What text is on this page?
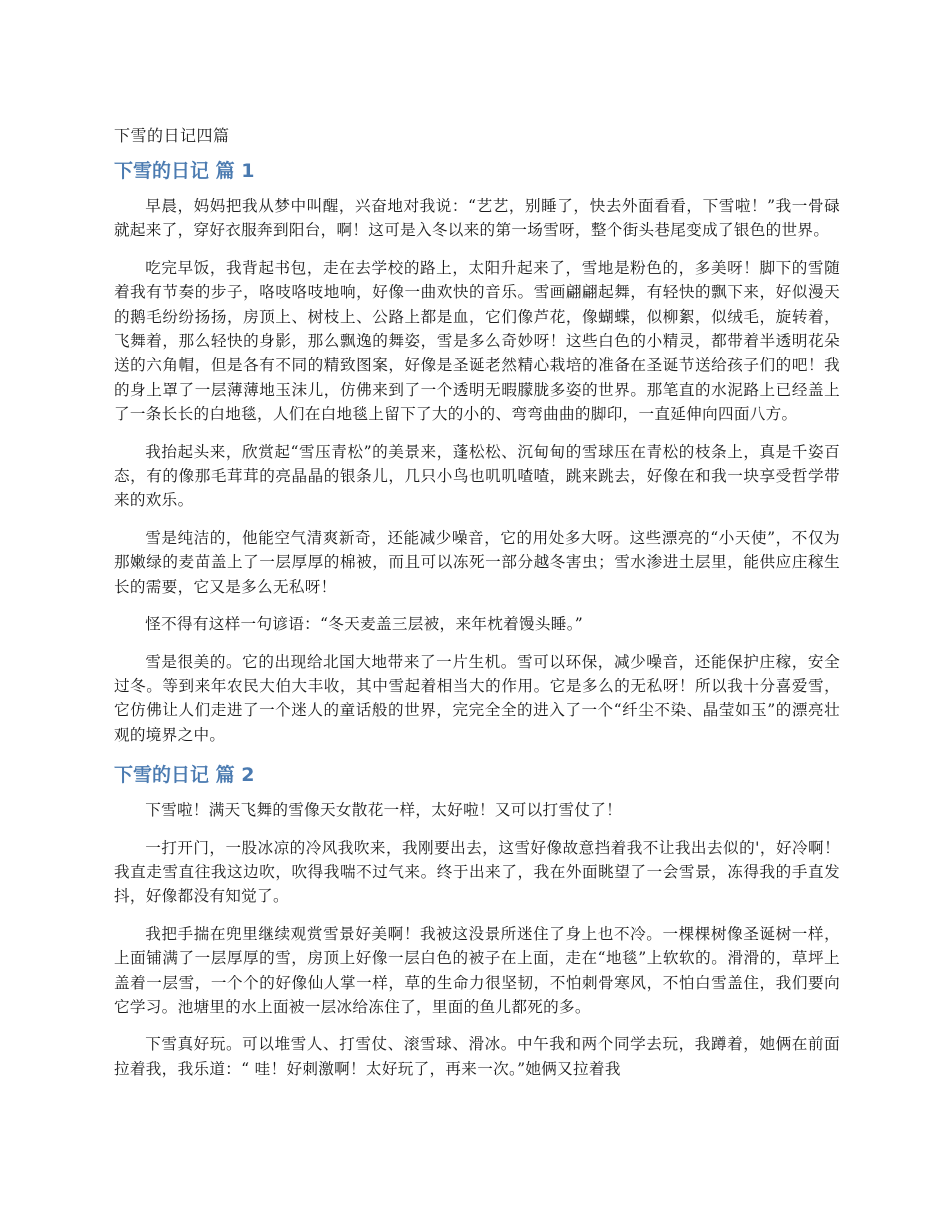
下雪的日记四篇
下雪的日记 篇 1

早晨，妈妈把我从梦中叫醒，兴奋地对我说：“艺艺，别睡了，快去外面看看，下雪啦！”我一骨碌就起来了，穿好衣服奔到阳台，啊！这可是入冬以来的第一场雪呀，整个街头巷尾变成了银色的世界。

吃完早饭，我背起书包，走在去学校的路上，太阳升起来了，雪地是粉色的，多美呀！脚下的雪随着我有节奏的步子，咯吱咯吱地响，好像一曲欢快的音乐。雪画翩翩起舞，有轻快的飘下来，好似漫天的鹅毛纷纷扬扬，房顶上、树枝上、公路上都是血，它们像芦花，像蝴蝶，似柳絮，似绒毛，旋转着，飞舞着，那么轻快的身影，那么飘逸的舞姿，雪是多么奇妙呀！这些白色的小精灵，都带着半透明花朵送的六角帽，但是各有不同的精致图案，好像是圣诞老然精心栽培的准备在圣诞节送给孩子们的吧！我的身上罩了一层薄薄地玉沫儿，仿佛来到了一个透明无暇朦胧多姿的世界。那笔直的水泥路上已经盖上了一条长长的白地毯，人们在白地毯上留下了大的小的、弯弯曲曲的脚印，一直延伸向四面八方。

我抬起头来，欣赏起“雪压青松”的美景来，蓬松松、沉甸甸的雪球压在青松的枝条上，真是千姿百态，有的像那毛茸茸的亮晶晶的银条儿，几只小鸟也叽叽喳喳，跳来跳去，好像在和我一块享受哲学带来的欢乐。

雪是纯洁的，他能空气清爽新奇，还能减少噪音，它的用处多大呀。这些漂亮的“小天使”，不仅为那嫩绿的麦苗盖上了一层厚厚的棉被，而且可以冻死一部分越冬害虫；雪水渗进土层里，能供应庄稼生长的需要，它又是多么无私呀！

怪不得有这样一句谚语：“冬天麦盖三层被，来年枕着馒头睡。”

雪是很美的。它的出现给北国大地带来了一片生机。雪可以环保，减少噪音，还能保护庄稼，安全过冬。等到来年农民大伯大丰收，其中雪起着相当大的作用。它是多么的无私呀！所以我十分喜爱雪，它仿佛让人们走进了一个迷人的童话般的世界，完完全全的进入了一个“纤尘不染、晶莹如玉”的漂亮壮观的境界之中。

下雪的日记 篇 2

下雪啦！满天飞舞的雪像天女散花一样，太好啦！又可以打雪仗了！

一打开门，一股冰凉的冷风我吹来，我刚要出去，这雪好像故意挡着我不让我出去似的'，好冷啊！我直走雪直往我这边吹，吹得我喘不过气来。终于出来了，我在外面眺望了一会雪景，冻得我的手直发抖，好像都没有知觉了。

我把手揣在兜里继续观赏雪景好美啊！我被这没景所迷住了身上也不冷。一棵棵树像圣诞树一样，上面铺满了一层厚厚的雪，房顶上好像一层白色的被子在上面，走在“地毯”上软软的。滑滑的，草坪上盖着一层雪，一个个的好像仙人掌一样，草的生命力很坚韧，不怕刺骨寒风，不怕白雪盖住，我们要向它学习。池塘里的水上面被一层冰给冻住了，里面的鱼儿都死的多。

下雪真好玩。可以堆雪人、打雪仗、滚雪球、滑冰。中午我和两个同学去玩，我蹲着，她俩在前面拉着我，我乐道：“ 哇！好刺激啊！太好玩了，再来一次。”她俩又拉着我
